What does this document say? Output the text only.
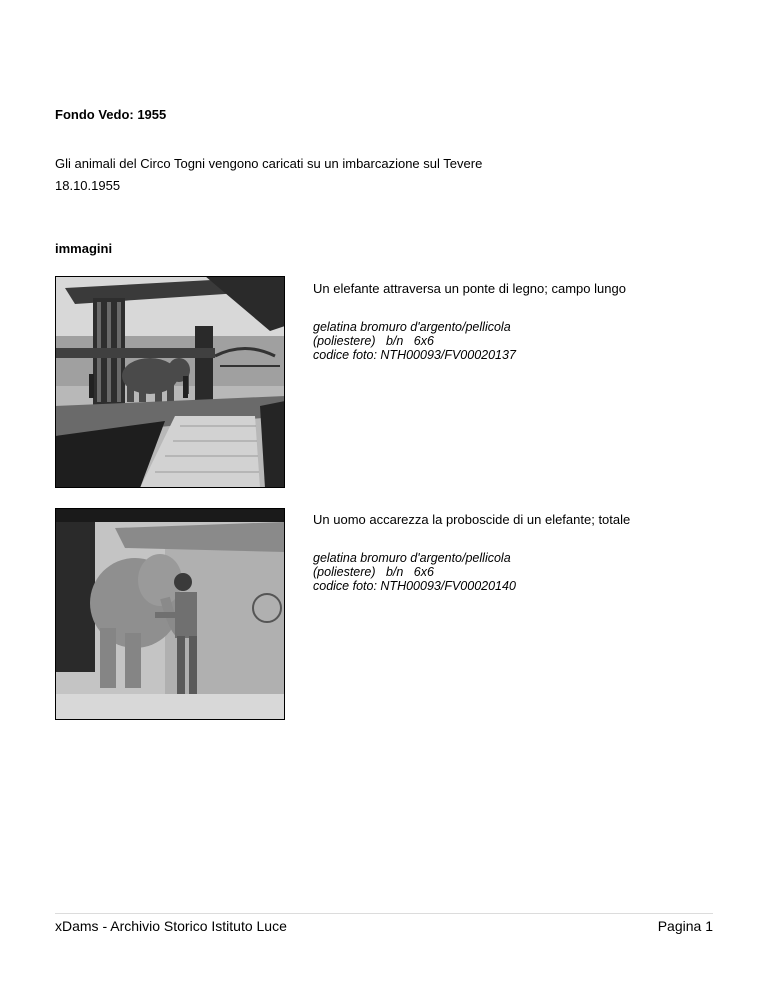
Fondo Vedo: 1955
Gli animali del Circo Togni vengono caricati su un imbarcazione sul Tevere
18.10.1955
immagini
Un elefante attraversa un ponte di legno; campo lungo
gelatina bromuro d'argento/pellicola
(poliestere)   b/n   6x6
codice foto: NTH00093/FV00020137
Un uomo accarezza la proboscide di un elefante; totale
gelatina bromuro d'argento/pellicola
(poliestere)   b/n   6x6
codice foto: NTH00093/FV00020140
xDams - Archivio Storico Istituto Luce	Pagina 1
